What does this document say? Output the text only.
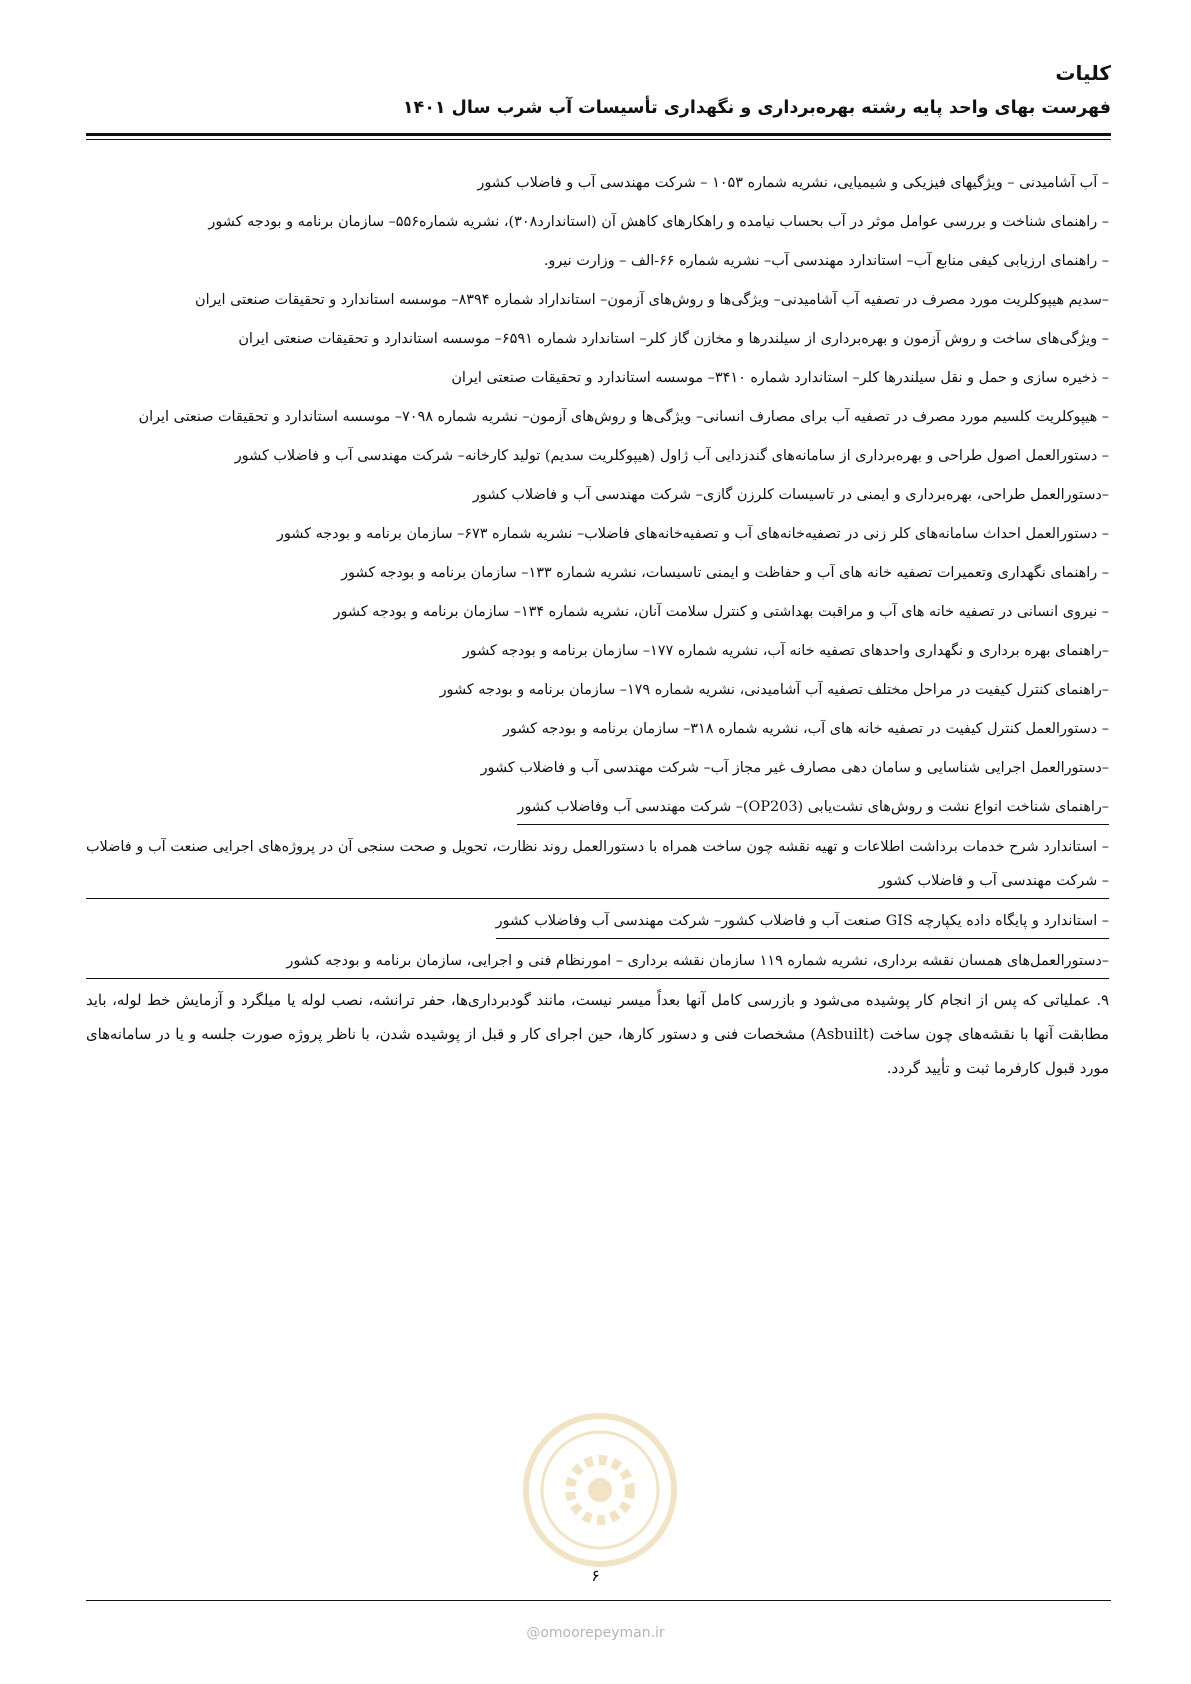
کلیات
فهرست بهای واحد پایه رشته بهره‌برداری و نگهداری تأسیسات آب شرب سال ۱۴۰۱
– آب آشامیدنی – ویژگیهای فیزیکی و شیمیایی، نشریه شماره ۱۰۵۳ – شرکت مهندسی آب و فاضلاب کشور
– راهنمای شناخت و بررسی عوامل موثر در آب بحساب نیامده و راهکارهای کاهش آن (استاندارد۳۰۸)، نشریه شماره۵۵۶– سازمان برنامه و بودجه کشور
– راهنمای ارزیابی کیفی منابع آب– استاندارد مهندسی آب– نشریه شماره ۶۶-الف – وزارت نیرو.
–سدیم هیپوکلریت مورد مصرف در تصفیه آب آشامیدنی– ویژگی‌ها و روش‌های آزمون– استانداراد شماره ۸۳۹۴– موسسه استاندارد و تحقیقات صنعتی ایران
– ویژگی‌های ساخت و روش آزمون و بهره‌برداری از سیلندرها و مخازن گاز کلر– استاندارد شماره ۶۵۹۱– موسسه استاندارد و تحقیقات صنعتی ایران
– ذخیره سازی و حمل و نقل سیلندرها کلر– استاندارد شماره ۳۴۱۰– موسسه استاندارد و تحقیقات صنعتی ایران
– هیپوکلریت کلسیم مورد مصرف در تصفیه آب برای مصارف انسانی– ویژگی‌ها و روش‌های آزمون– نشریه شماره ۷۰۹۸– موسسه استاندارد و تحقیقات صنعتی ایران
– دستورالعمل اصول طراحی و بهره‌برداری از سامانه‌های گندزدایی آب ژاول (هیپوکلریت سدیم) تولید کارخانه– شرکت مهندسی آب و فاضلاب کشور
–دستورالعمل طراحی، بهره‌برداری و ایمنی در تاسیسات کلرزن گازی– شرکت مهندسی آب و فاضلاب کشور
– دستورالعمل احداث سامانه‌های کلر زنی در تصفیه‌خانه‌های آب و تصفیه‌خانه‌های فاضلاب– نشریه شماره ۶۷۳– سازمان برنامه و بودجه کشور
– راهنمای نگهداری وتعمیرات تصفیه خانه های آب و حفاظت و ایمنی تاسیسات، نشریه شماره ۱۳۳– سازمان برنامه و بودجه کشور
– نیروی انسانی در تصفیه خانه های آب و مراقبت بهداشتی و کنترل سلامت آنان، نشریه شماره ۱۳۴– سازمان برنامه و بودجه کشور
–راهنمای بهره برداری و نگهداری واحدهای تصفیه خانه آب، نشریه شماره ۱۷۷– سازمان برنامه و بودجه کشور
–راهنمای کنترل کیفیت در مراحل مختلف تصفیه آب آشامیدنی، نشریه شماره ۱۷۹– سازمان برنامه و بودجه کشور
– دستورالعمل کنترل کیفیت در تصفیه خانه های آب، نشریه شماره ۳۱۸– سازمان برنامه و بودجه کشور
–دستورالعمل اجرایی شناسایی و سامان دهی مصارف غیر مجاز آب– شرکت مهندسی آب و فاضلاب کشور
–راهنمای شناخت انواع نشت و روش‌های نشت‌یابی (OP203)– شرکت مهندسی آب وفاضلاب کشور
– استاندارد شرح خدمات برداشت اطلاعات و تهیه نقشه چون ساخت همراه با دستورالعمل روند نظارت، تحویل و صحت سنجی آن در پروژه‌های اجرایی صنعت آب و فاضلاب – شرکت مهندسی آب و فاضلاب کشور
– استاندارد و پایگاه داده یکپارچه GIS صنعت آب و فاضلاب کشور– شرکت مهندسی آب وفاضلاب کشور
–دستورالعمل‌های همسان نقشه برداری، نشریه شماره ۱۱۹ سازمان نقشه برداری – امورنظام فنی و اجرایی، سازمان برنامه و بودجه کشور
۹. عملیاتی که پس از انجام کار پوشیده می‌شود و بازرسی کامل آنها بعداً میسر نیست، مانند گودبرداری‌ها، حفر ترانشه، نصب لوله یا میلگرد و آزمایش خط لوله، باید مطابقت آنها با نقشه‌های چون ساخت (Asbuilt) مشخصات فنی و دستور کارها، حین اجرای کار و قبل از پوشیده شدن، با ناظر پروژه صورت جلسه و یا در سامانه‌های مورد قبول کارفرما ثبت و تأیید گردد.
۶
@omoorepeyman.ir
